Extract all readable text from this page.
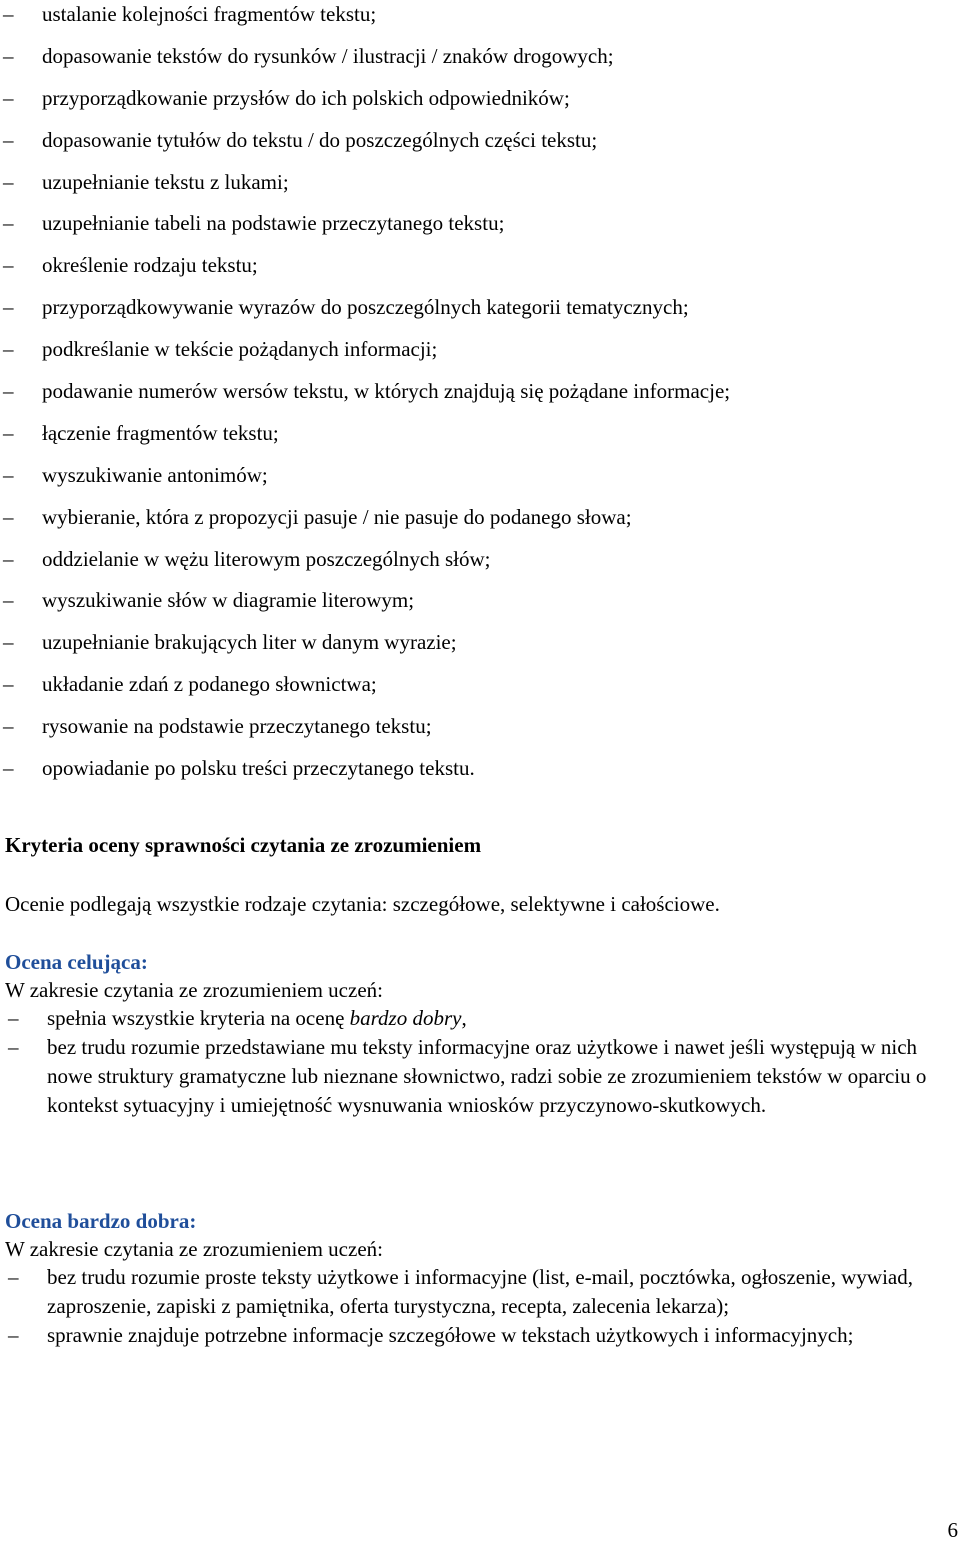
–	ustalanie kolejności fragmentów tekstu;
–	dopasowanie tekstów do rysunków / ilustracji / znaków drogowych;
–	przyporządkowanie przysłów do ich polskich odpowiedników;
–	dopasowanie tytułów do tekstu / do poszczególnych części tekstu;
–	uzupełnianie tekstu z lukami;
–	uzupełnianie tabeli na podstawie przeczytanego tekstu;
–	określenie rodzaju tekstu;
–	przyporządkowywanie wyrazów do poszczególnych kategorii tematycznych;
–	podkreślanie w tekście pożądanych informacji;
–	podawanie numerów wersów tekstu, w których znajdują się pożądane informacje;
–	łączenie fragmentów tekstu;
–	wyszukiwanie antonimów;
–	wybieranie, która z propozycji pasuje / nie pasuje do podanego słowa;
–	oddzielanie w wężu literowym poszczególnych słów;
–	wyszukiwanie słów w diagramie literowym;
–	uzupełnianie brakujących liter w danym wyrazie;
–	układanie zdań z podanego słownictwa;
–	rysowanie na podstawie przeczytanego tekstu;
–	opowiadanie po polsku treści przeczytanego tekstu.
Kryteria oceny sprawności czytania ze zrozumieniem

Ocenie podlegają wszystkie rodzaje czytania: szczegółowe, selektywne i całościowe.

Ocena celująca:

W zakresie czytania ze zrozumieniem uczeń:

–	spełnia wszystkie kryteria na ocenę bardzo dobry,
–	bez trudu rozumie przedstawiane mu teksty informacyjne oraz użytkowe i nawet jeśli występują w nich nowe struktury gramatyczne lub nieznane słownictwo, radzi sobie ze zrozumieniem tekstów w oparciu o kontekst sytuacyjny i umiejętność wysnuwania wniosków przyczynowo-skutkowych.

Ocena bardzo dobra:

W zakresie czytania ze zrozumieniem uczeń:

–	bez trudu rozumie proste teksty użytkowe i informacyjne (list, e-mail, pocztówka, ogłoszenie, wywiad, zaproszenie, zapiski z pamiętnika, oferta turystyczna, recepta, zalecenia lekarza);
–	sprawnie znajduje potrzebne informacje szczegółowe w tekstach użytkowych i informacyjnych;
6
